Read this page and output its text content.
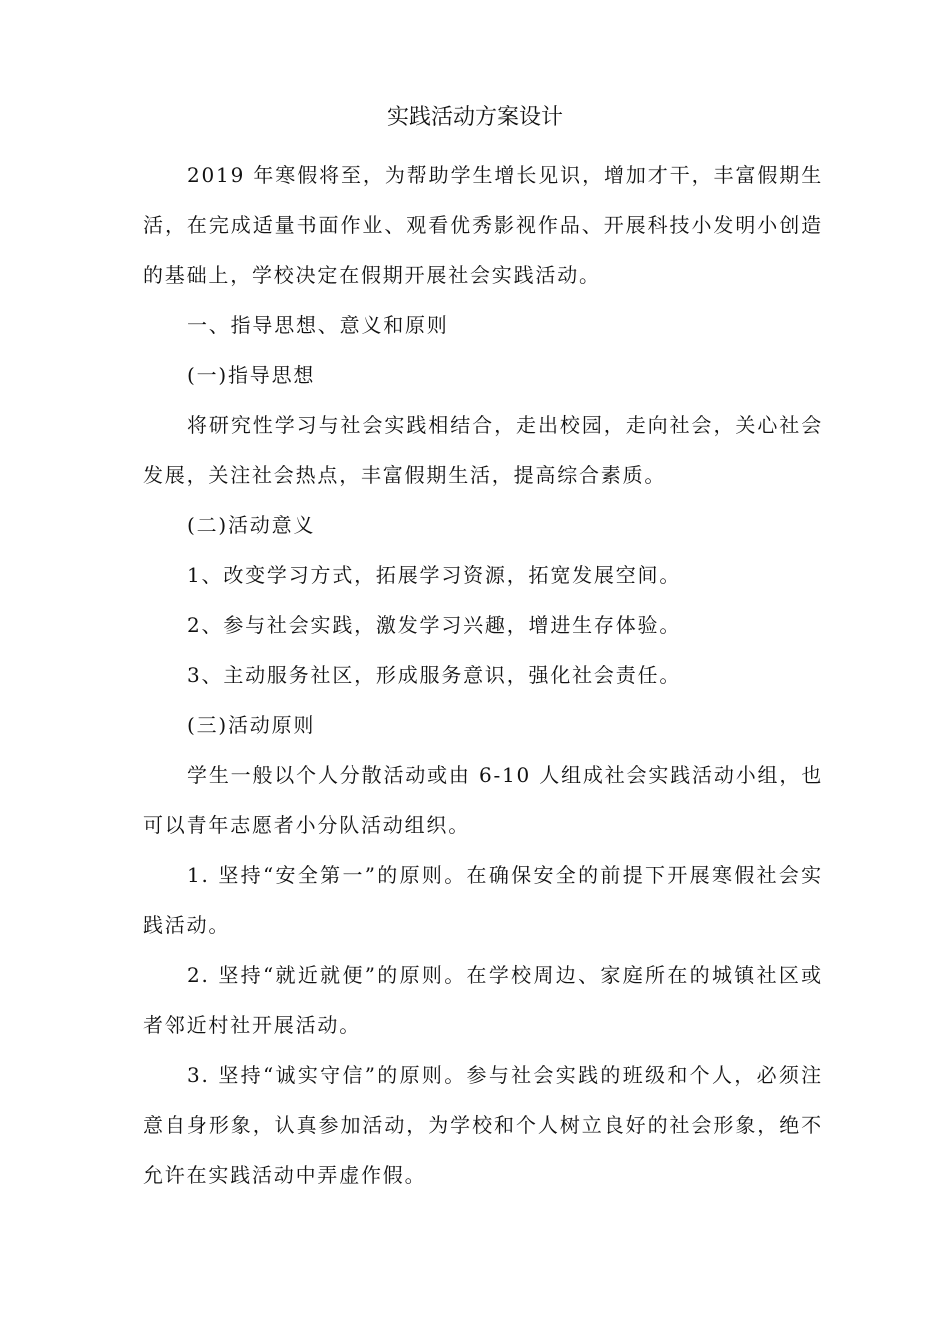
实践活动方案设计

2019 年寒假将至，为帮助学生增长见识，增加才干，丰富假期生活，在完成适量书面作业、观看优秀影视作品、开展科技小发明小创造的基础上，学校决定在假期开展社会实践活动。

一、指导思想、意义和原则

(一)指导思想

将研究性学习与社会实践相结合，走出校园，走向社会，关心社会发展，关注社会热点，丰富假期生活，提高综合素质。

(二)活动意义

1、改变学习方式，拓展学习资源，拓宽发展空间。

2、参与社会实践，激发学习兴趣，增进生存体验。

3、主动服务社区，形成服务意识，强化社会责任。

(三)活动原则

学生一般以个人分散活动或由 6-10 人组成社会实践活动小组，也可以青年志愿者小分队活动组织。

1. 坚持“安全第一”的原则。在确保安全的前提下开展寒假社会实践活动。

2. 坚持“就近就便”的原则。在学校周边、家庭所在的城镇社区或者邻近村社开展活动。

3. 坚持“诚实守信”的原则。参与社会实践的班级和个人，必须注意自身形象，认真参加活动，为学校和个人树立良好的社会形象，绝不允许在实践活动中弄虚作假。
